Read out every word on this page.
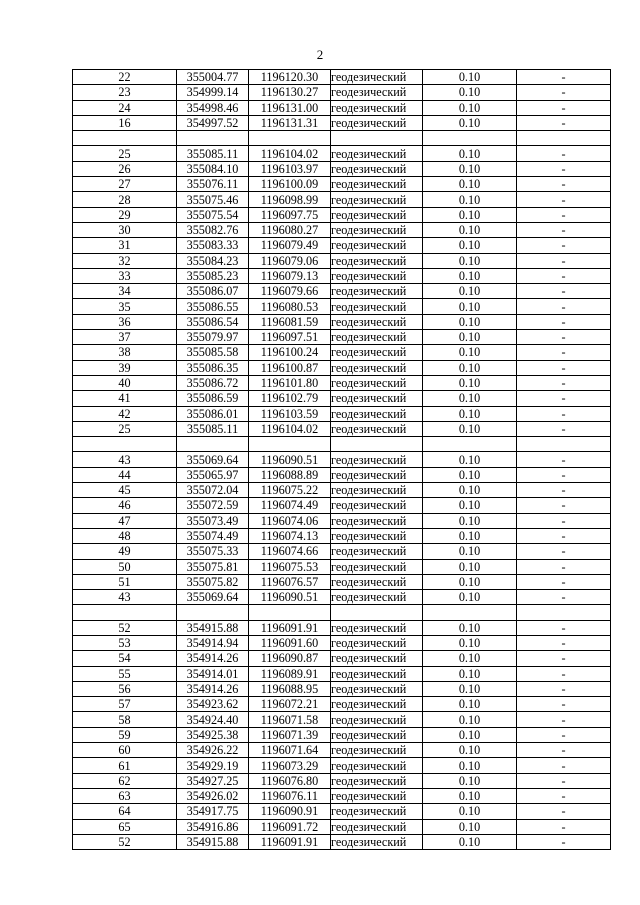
2
22	355004.77	1196120.30	геодезический	0.10	-
23	354999.14	1196130.27	геодезический	0.10	-
24	354998.46	1196131.00	геодезический	0.10	-
16	354997.52	1196131.31	геодезический	0.10	-

25	355085.11	1196104.02	геодезический	0.10	-
26	355084.10	1196103.97	геодезический	0.10	-
27	355076.11	1196100.09	геодезический	0.10	-
28	355075.46	1196098.99	геодезический	0.10	-
29	355075.54	1196097.75	геодезический	0.10	-
30	355082.76	1196080.27	геодезический	0.10	-
31	355083.33	1196079.49	геодезический	0.10	-
32	355084.23	1196079.06	геодезический	0.10	-
33	355085.23	1196079.13	геодезический	0.10	-
34	355086.07	1196079.66	геодезический	0.10	-
35	355086.55	1196080.53	геодезический	0.10	-
36	355086.54	1196081.59	геодезический	0.10	-
37	355079.97	1196097.51	геодезический	0.10	-
38	355085.58	1196100.24	геодезический	0.10	-
39	355086.35	1196100.87	геодезический	0.10	-
40	355086.72	1196101.80	геодезический	0.10	-
41	355086.59	1196102.79	геодезический	0.10	-
42	355086.01	1196103.59	геодезический	0.10	-
25	355085.11	1196104.02	геодезический	0.10	-

43	355069.64	1196090.51	геодезический	0.10	-
44	355065.97	1196088.89	геодезический	0.10	-
45	355072.04	1196075.22	геодезический	0.10	-
46	355072.59	1196074.49	геодезический	0.10	-
47	355073.49	1196074.06	геодезический	0.10	-
48	355074.49	1196074.13	геодезический	0.10	-
49	355075.33	1196074.66	геодезический	0.10	-
50	355075.81	1196075.53	геодезический	0.10	-
51	355075.82	1196076.57	геодезический	0.10	-
43	355069.64	1196090.51	геодезический	0.10	-

52	354915.88	1196091.91	геодезический	0.10	-
53	354914.94	1196091.60	геодезический	0.10	-
54	354914.26	1196090.87	геодезический	0.10	-
55	354914.01	1196089.91	геодезический	0.10	-
56	354914.26	1196088.95	геодезический	0.10	-
57	354923.62	1196072.21	геодезический	0.10	-
58	354924.40	1196071.58	геодезический	0.10	-
59	354925.38	1196071.39	геодезический	0.10	-
60	354926.22	1196071.64	геодезический	0.10	-
61	354929.19	1196073.29	геодезический	0.10	-
62	354927.25	1196076.80	геодезический	0.10	-
63	354926.02	1196076.11	геодезический	0.10	-
64	354917.75	1196090.91	геодезический	0.10	-
65	354916.86	1196091.72	геодезический	0.10	-
52	354915.88	1196091.91	геодезический	0.10	-
